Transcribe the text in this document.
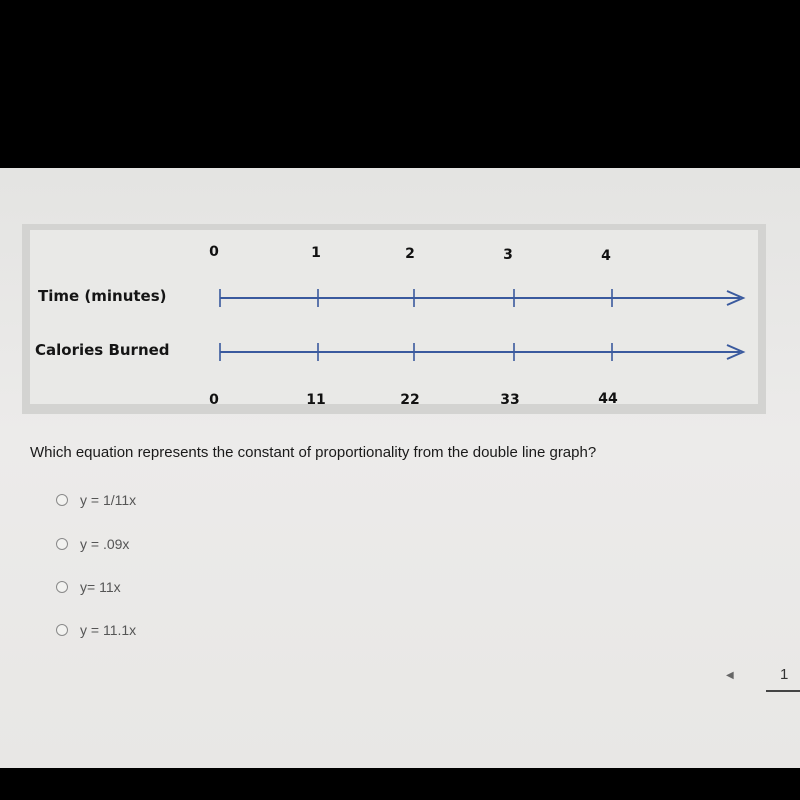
Time (minutes)
Calories Burned
0	1	2	3	4
0	11	22	33	44
Which equation represents the constant of proportionality from the double line graph?
y = 1/11x
y = .09x
y= 11x
y = 11.1x
◀	1
